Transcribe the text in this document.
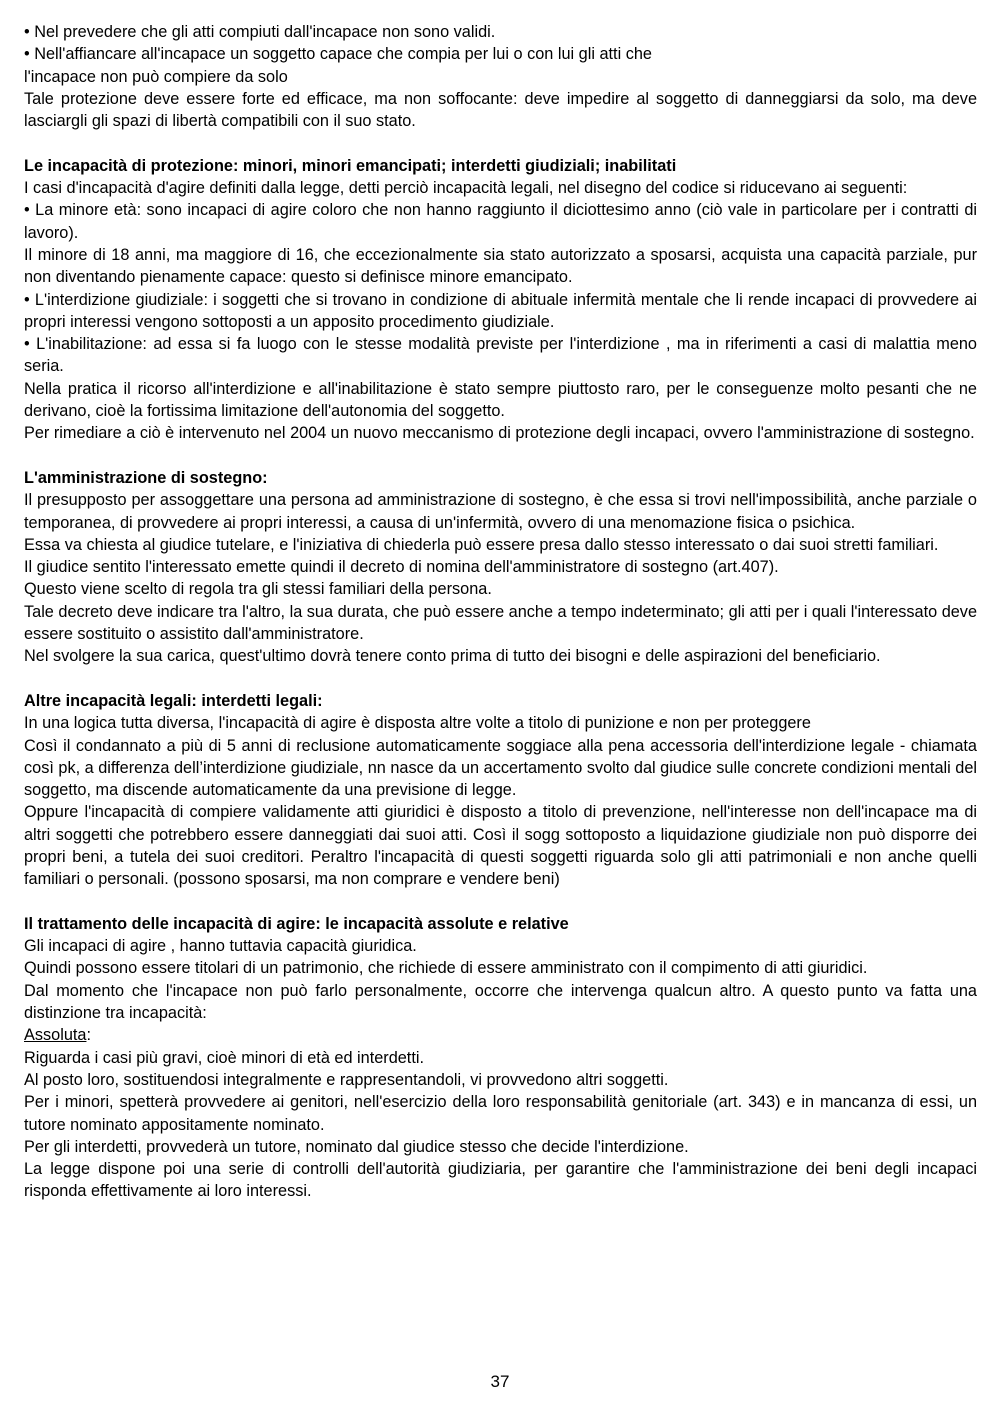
• Nel prevedere che gli atti compiuti dall'incapace non sono validi.

• Nell'affiancare all'incapace un soggetto capace che compia per lui o con lui gli atti che

l'incapace non può compiere da solo

Tale protezione deve essere forte ed efficace, ma non soffocante: deve impedire al soggetto di danneggiarsi da solo, ma deve lasciargli gli spazi di libertà compatibili con il suo stato.

Le incapacità di protezione: minori, minori emancipati; interdetti giudiziali; inabilitati

I casi d'incapacità d'agire definiti dalla legge, detti perciò incapacità legali, nel disegno del codice si riducevano ai seguenti:

• La minore età: sono incapaci di agire coloro che non hanno raggiunto il diciottesimo anno (ciò vale in particolare per i contratti di lavoro).

Il minore di 18 anni, ma maggiore di 16, che eccezionalmente sia stato autorizzato a sposarsi, acquista una capacità parziale, pur non diventando pienamente capace: questo si definisce minore emancipato.

• L'interdizione giudiziale: i soggetti che si trovano in condizione di abituale infermità mentale che li rende incapaci di provvedere ai propri interessi vengono sottoposti a un apposito procedimento giudiziale.

• L'inabilitazione: ad essa si fa luogo con le stesse modalità previste per l'interdizione , ma in riferimenti a casi di malattia meno seria.

Nella pratica il ricorso all'interdizione e all'inabilitazione è stato sempre piuttosto raro, per le conseguenze molto pesanti che ne derivano, cioè la fortissima limitazione dell'autonomia del soggetto.

Per rimediare a ciò è intervenuto nel 2004 un nuovo meccanismo di protezione degli incapaci, ovvero l'amministrazione di sostegno.

L'amministrazione di sostegno:

Il presupposto per assoggettare una persona ad amministrazione di sostegno, è che essa si trovi nell'impossibilità, anche parziale o temporanea, di provvedere ai propri interessi, a causa di un'infermità, ovvero di una menomazione fisica o psichica.

Essa va chiesta al giudice tutelare, e l'iniziativa di chiederla può essere presa dallo stesso interessato o dai suoi stretti familiari.

Il giudice sentito l'interessato emette quindi il decreto di nomina dell'amministratore di sostegno (art.407).

Questo viene scelto di regola tra gli stessi familiari della persona.

Tale decreto deve indicare tra l'altro, la sua durata, che può essere anche a tempo indeterminato; gli atti per i quali l'interessato deve essere sostituito o assistito dall'amministratore.

Nel svolgere la sua carica, quest'ultimo dovrà tenere conto prima di tutto dei bisogni e delle aspirazioni del beneficiario.

Altre incapacità legali: interdetti legali:

In una logica tutta diversa, l'incapacità di agire è disposta altre volte a titolo di punizione e non per proteggere

Così il condannato a più di 5 anni di reclusione automaticamente soggiace alla pena accessoria dell'interdizione legale - chiamata così pk, a differenza dell’interdizione giudiziale, nn nasce da un accertamento svolto dal giudice sulle concrete condizioni mentali del soggetto, ma discende automaticamente da una previsione di legge.

Oppure l'incapacità di compiere validamente atti giuridici è disposto a titolo di prevenzione, nell'interesse non dell'incapace ma di altri soggetti che potrebbero essere danneggiati dai suoi atti. Così il sogg sottoposto a liquidazione giudiziale non può disporre dei propri beni, a tutela dei suoi creditori. Peraltro l'incapacità di questi soggetti riguarda solo gli atti patrimoniali e non anche quelli familiari o personali. (possono sposarsi, ma non comprare e vendere beni)

Il trattamento delle incapacità di agire: le incapacità assolute e relative

Gli incapaci di agire , hanno tuttavia capacità giuridica.

Quindi possono essere titolari di un patrimonio, che richiede di essere amministrato con il compimento di atti giuridici.

Dal momento che l'incapace non può farlo personalmente, occorre che intervenga qualcun altro. A questo punto va fatta una distinzione tra incapacità:

Assoluta:

Riguarda i casi più gravi, cioè minori di età ed interdetti.

Al posto loro, sostituendosi integralmente e rappresentandoli, vi provvedono altri soggetti.

Per i minori, spetterà provvedere ai genitori, nell'esercizio della loro responsabilità genitoriale (art. 343) e in mancanza di essi, un tutore nominato appositamente nominato.

Per gli interdetti, provvederà un tutore, nominato dal giudice stesso che decide l'interdizione.

La legge dispone poi una serie di controlli dell'autorità giudiziaria, per garantire che l'amministrazione dei beni degli incapaci risponda effettivamente ai loro interessi.

37
